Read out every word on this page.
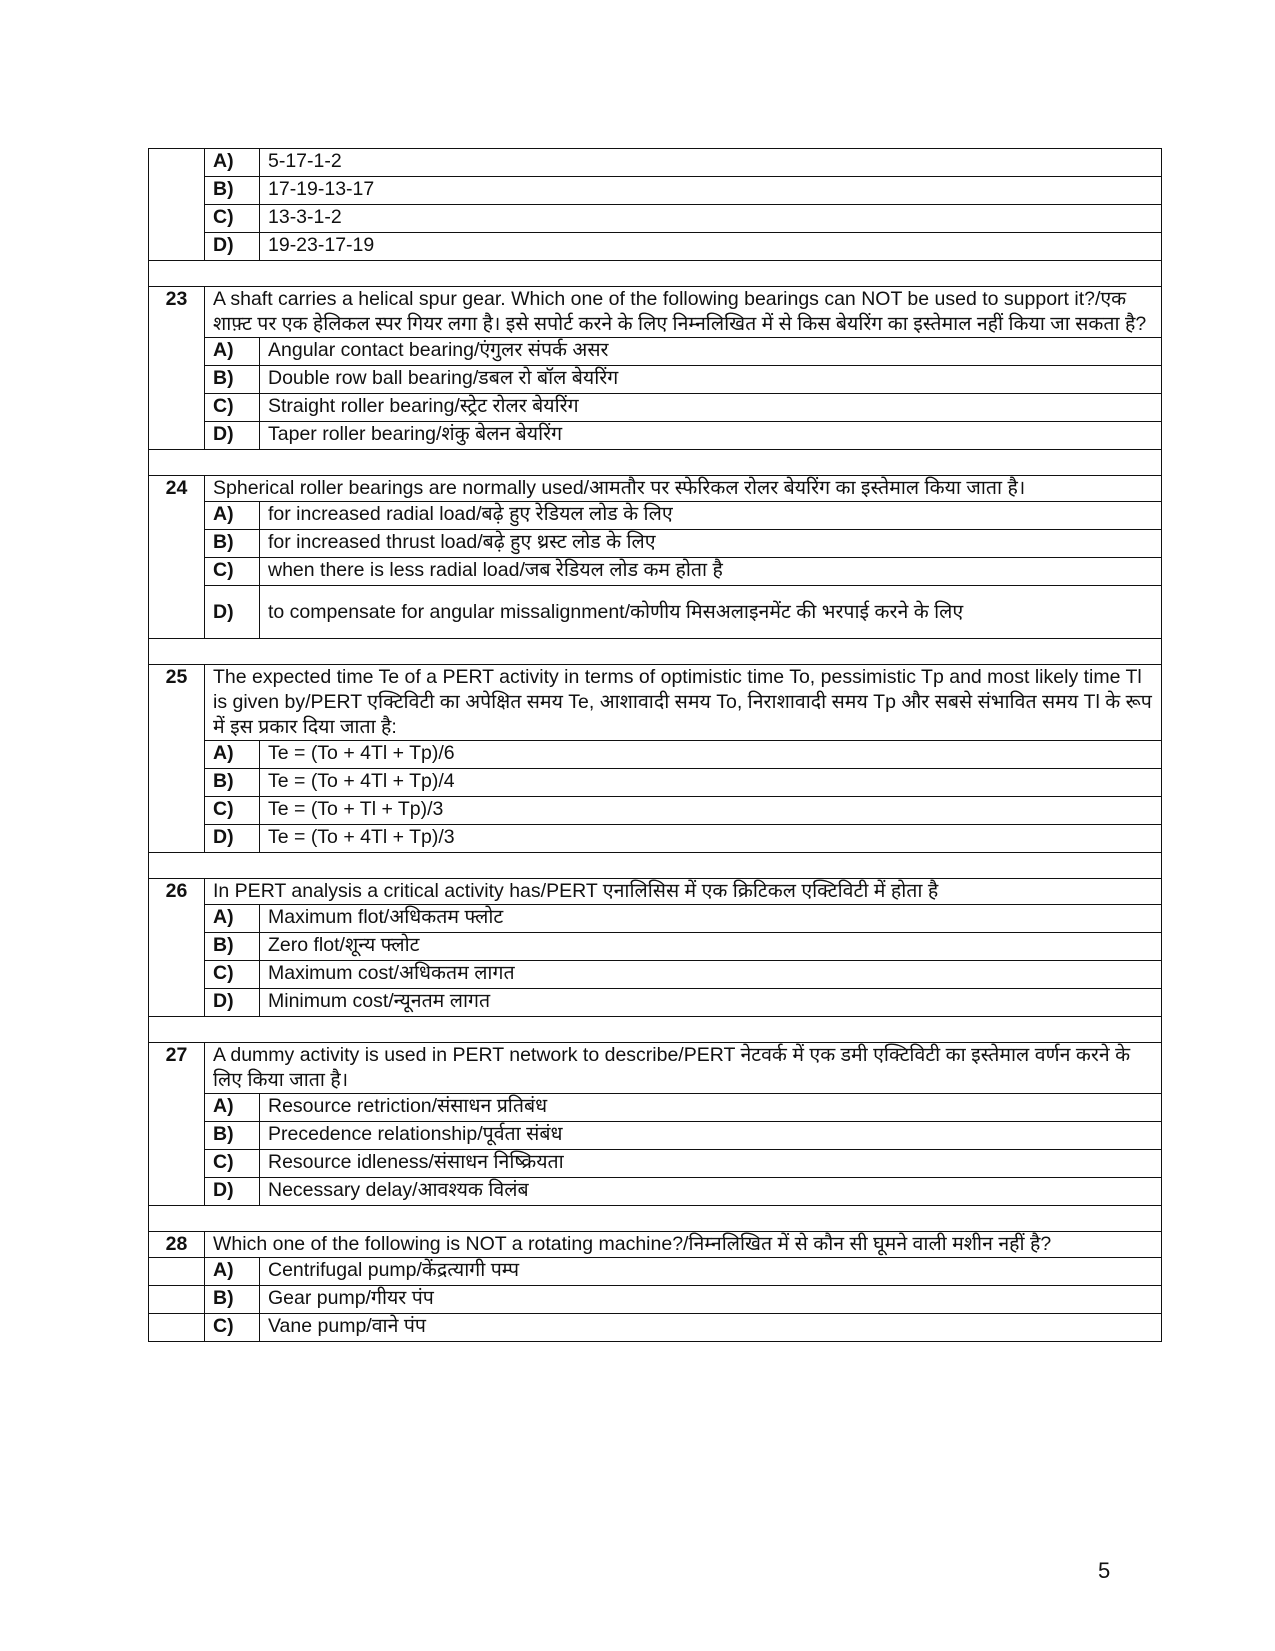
	A)	5-17-1-2
	B)	17-19-13-17
	C)	13-3-1-2
	D)	19-23-17-19

23	A shaft carries a helical spur gear. Which one of the following bearings can NOT be used to support it?/एक शाफ़्ट पर एक हेलिकल स्पर गियर लगा है। इसे सपोर्ट करने के लिए निम्नलिखित में से किस बेयरिंग का इस्तेमाल नहीं किया जा सकता है?	
	A)	Angular contact bearing/एंगुलर संपर्क असर
	B)	Double row ball bearing/डबल रो बॉल बेयरिंग
	C)	Straight roller bearing/स्ट्रेट रोलर बेयरिंग
	D)	Taper roller bearing/शंकु बेलन बेयरिंग

24	Spherical roller bearings are normally used/आमतौर पर स्फेरिकल रोलर बेयरिंग का इस्तेमाल किया जाता है।	
	A)	for increased radial load/बढ़े हुए रेडियल लोड के लिए
	B)	for increased thrust load/बढ़े हुए थ्रस्ट लोड के लिए
	C)	when there is less radial load/जब रेडियल लोड कम होता है
	D)	to compensate for angular missalignment/कोणीय मिसअलाइनमेंट की भरपाई करने के लिए

25	The expected time Te of a PERT activity in terms of optimistic time To, pessimistic Tp and most likely time Tl is given by/PERT एक्टिविटी का अपेक्षित समय Te, आशावादी समय To, निराशावादी समय Tp और सबसे संभावित समय Tl के रूप में इस प्रकार दिया जाता है:	
	A)	Te = (To + 4Tl + Tp)/6
	B)	Te = (To + 4Tl + Tp)/4
	C)	Te = (To + Tl + Tp)/3
	D)	Te = (To + 4Tl + Tp)/3

26	In PERT analysis a critical activity has/PERT एनालिसिस में एक क्रिटिकल एक्टिविटी में होता है	
	A)	Maximum flot/अधिकतम फ्लोट
	B)	Zero flot/शून्य फ्लोट
	C)	Maximum cost/अधिकतम लागत
	D)	Minimum cost/न्यूनतम लागत

27	A dummy activity is used in PERT network to describe/PERT नेटवर्क में एक डमी एक्टिविटी का इस्तेमाल वर्णन करने के लिए किया जाता है।	
	A)	Resource retriction/संसाधन प्रतिबंध
	B)	Precedence relationship/पूर्वता संबंध
	C)	Resource idleness/संसाधन निष्क्रियता
	D)	Necessary delay/आवश्यक विलंब

28	Which one of the following is NOT a rotating machine?/निम्नलिखित में से कौन सी घूमने वाली मशीन नहीं है?	
	A)	Centrifugal pump/केंद्रत्यागी पम्प
	B)	Gear pump/गीयर पंप
	C)	Vane pump/वाने पंप
5
